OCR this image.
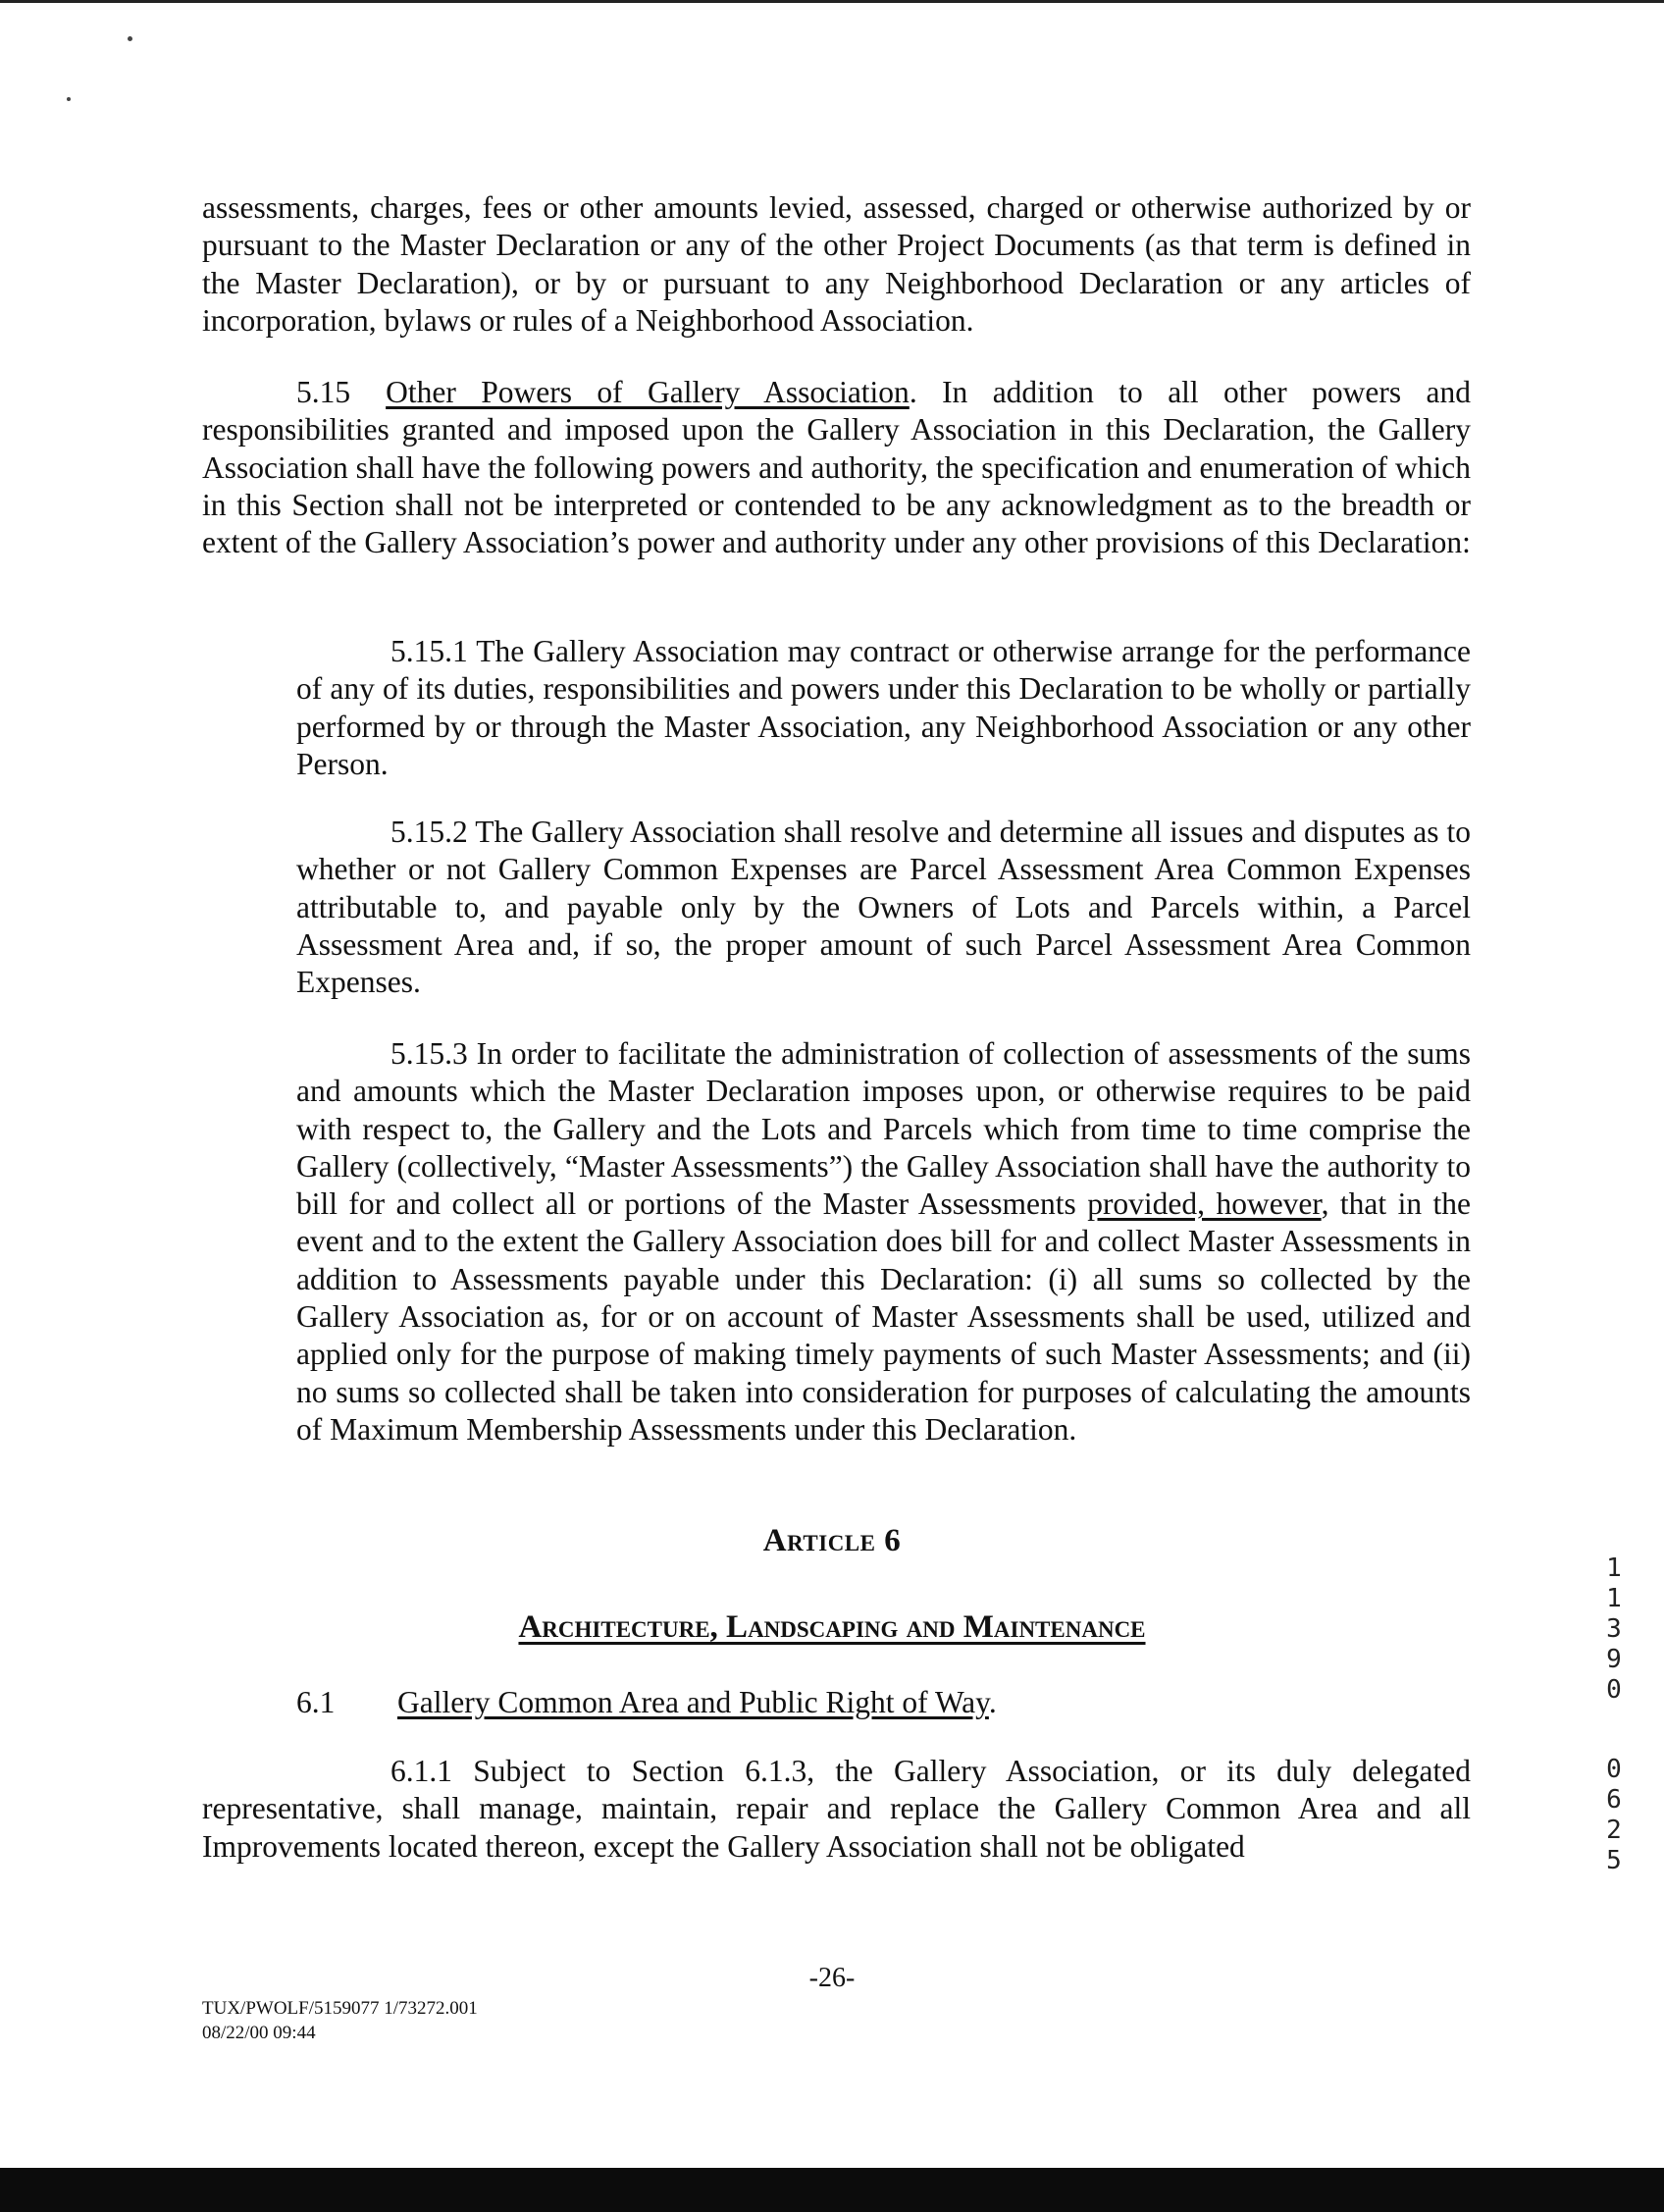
assessments, charges, fees or other amounts levied, assessed, charged or otherwise authorized by or pursuant to the Master Declaration or any of the other Project Documents (as that term is defined in the Master Declaration), or by or pursuant to any Neighborhood Declaration or any articles of incorporation, bylaws or rules of a Neighborhood Association.

5.15 Other Powers of Gallery Association. In addition to all other powers and responsibilities granted and imposed upon the Gallery Association in this Declaration, the Gallery Association shall have the following powers and authority, the specification and enumeration of which in this Section shall not be interpreted or contended to be any acknowledgment as to the breadth or extent of the Gallery Association’s power and authority under any other provisions of this Declaration:

5.15.1 The Gallery Association may contract or otherwise arrange for the performance of any of its duties, responsibilities and powers under this Declaration to be wholly or partially performed by or through the Master Association, any Neighborhood Association or any other Person.

5.15.2 The Gallery Association shall resolve and determine all issues and disputes as to whether or not Gallery Common Expenses are Parcel Assessment Area Common Expenses attributable to, and payable only by the Owners of Lots and Parcels within, a Parcel Assessment Area and, if so, the proper amount of such Parcel Assessment Area Common Expenses.

5.15.3 In order to facilitate the administration of collection of assessments of the sums and amounts which the Master Declaration imposes upon, or otherwise requires to be paid with respect to, the Gallery and the Lots and Parcels which from time to time comprise the Gallery (collectively, “Master Assessments”) the Galley Association shall have the authority to bill for and collect all or portions of the Master Assessments provided, however, that in the event and to the extent the Gallery Association does bill for and collect Master Assessments in addition to Assessments payable under this Declaration: (i) all sums so collected by the Gallery Association as, for or on account of Master Assessments shall be used, utilized and applied only for the purpose of making timely payments of such Master Assessments; and (ii) no sums so collected shall be taken into consideration for purposes of calculating the amounts of Maximum Membership Assessments under this Declaration.

Article 6
Architecture, Landscaping and Maintenance
6.1 Gallery Common Area and Public Right of Way.

6.1.1 Subject to Section 6.1.3, the Gallery Association, or its duly delegated representative, shall manage, maintain, repair and replace the Gallery Common Area and all Improvements located thereon, except the Gallery Association shall not be obligated

-26-
TUX/PWOLF/5159077 1/73272.001
08/22/00 09:44
1
1
3
9
0
0
6
2
5
